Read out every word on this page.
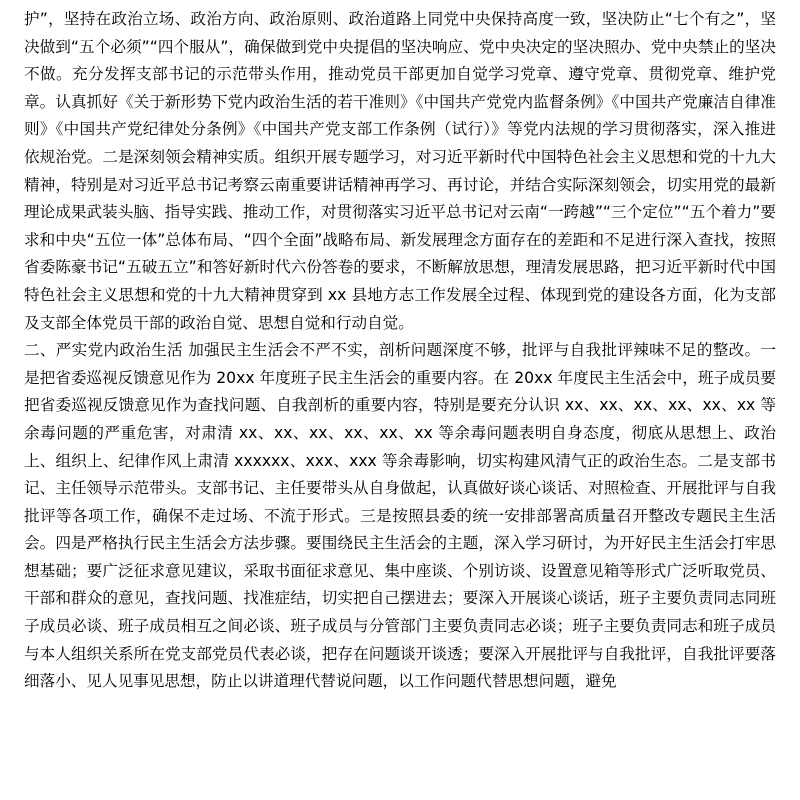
护”，坚持在政治立场、政治方向、政治原则、政治道路上同党中央保持高度一致，坚决防止“七个有之”，坚决做到“五个必须”“四个服从”，确保做到党中央提倡的坚决响应、党中央决定的坚决照办、党中央禁止的坚决不做。充分发挥支部书记的示范带头作用，推动党员干部更加自觉学习党章、遵守党章、贯彻党章、维护党章。认真抓好《关于新形势下党内政治生活的若干准则》《中国共产党党内监督条例》《中国共产党廉洁自律准则》《中国共产党纪律处分条例》《中国共产党支部工作条例（试行）》等党内法规的学习贯彻落实，深入推进依规治党。二是深刻领会精神实质。组织开展专题学习，对习近平新时代中国特色社会主义思想和党的十九大精神，特别是对习近平总书记考察云南重要讲话精神再学习、再讨论，并结合实际深刻领会，切实用党的最新理论成果武装头脑、指导实践、推动工作，对贯彻落实习近平总书记对云南“一跨越”“三个定位”“五个着力”要求和中央“五位一体”总体布局、“四个全面”战略布局、新发展理念方面存在的差距和不足进行深入查找，按照省委陈豪书记“五破五立”和答好新时代六份答卷的要求，不断解放思想，理清发展思路，把习近平新时代中国特色社会主义思想和党的十九大精神贯穿到 xx 县地方志工作发展全过程、体现到党的建设各方面，化为支部及支部全体党员干部的政治自觉、思想自觉和行动自觉。

二、严实党内政治生活 加强民主生活会不严不实，剖析问题深度不够，批评与自我批评辣味不足的整改。一是把省委巡视反馈意见作为 20xx 年度班子民主生活会的重要内容。在 20xx 年度民主生活会中，班子成员要把省委巡视反馈意见作为查找问题、自我剖析的重要内容，特别是要充分认识 xx、xx、xx、xx、xx、xx 等余毒问题的严重危害，对肃清 xx、xx、xx、xx、xx、xx 等余毒问题表明自身态度，彻底从思想上、政治上、组织上、纪律作风上肃清 xxxxxx、xxx、xxx 等余毒影响，切实构建风清气正的政治生态。二是支部书记、主任领导示范带头。支部书记、主任要带头从自身做起，认真做好谈心谈话、对照检查、开展批评与自我批评等各项工作，确保不走过场、不流于形式。三是按照县委的统一安排部署高质量召开整改专题民主生活会。四是严格执行民主生活会方法步骤。要围绕民主生活会的主题，深入学习研讨，为开好民主生活会打牢思想基础；要广泛征求意见建议，采取书面征求意见、集中座谈、个别访谈、设置意见箱等形式广泛听取党员、干部和群众的意见，查找问题、找准症结，切实把自己摆进去；要深入开展谈心谈话，班子主要负责同志同班子成员必谈、班子成员相互之间必谈、班子成员与分管部门主要负责同志必谈；班子主要负责同志和班子成员与本人组织关系所在党支部党员代表必谈，把存在问题谈开谈透；要深入开展批评与自我批评，自我批评要落细落小、见人见事见思想，防止以讲道理代替说问题，以工作问题代替思想问题，避免
